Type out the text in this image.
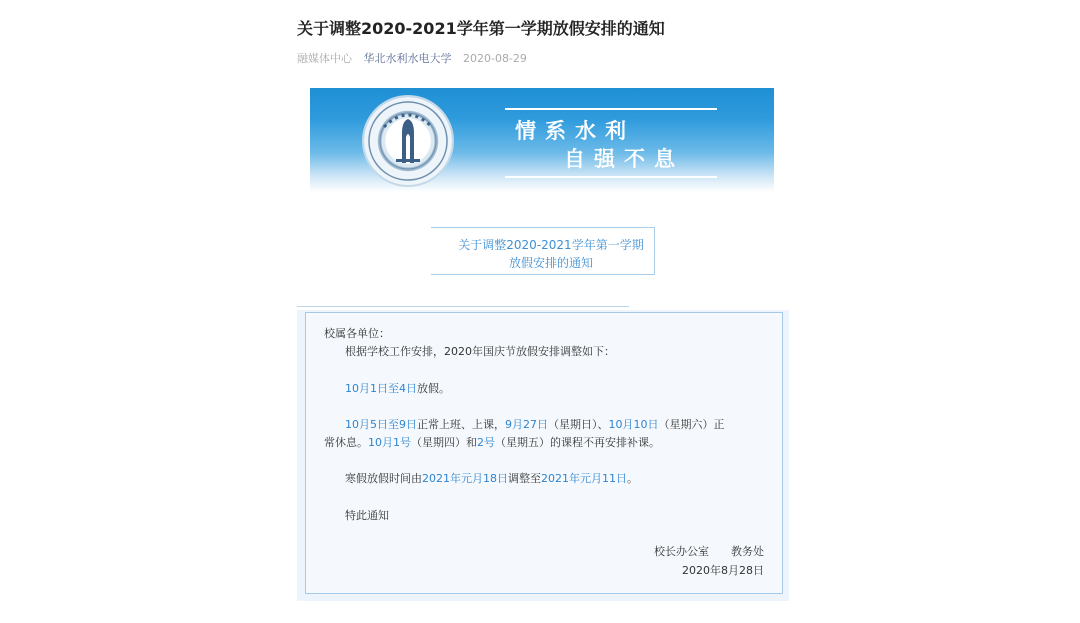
关于调整2020-2021学年第一学期放假安排的通知
融媒体中心 华北水利水电大学 2020-08-29
情系水利
自强不息
关于调整2020-2021学年第一学期
放假安排的通知

校属各单位：

根据学校工作安排，2020年国庆节放假安排调整如下：

10月1日至4日放假。

10月5日至9日正常上班、上课，9月27日（星期日）、10月10日（星期六）正

常休息。10月1号（星期四）和2号（星期五）的课程不再安排补课。

寒假放假时间由2021年元月18日调整至2021年元月11日。

特此通知

校长办公室　　教务处

2020年8月28日
